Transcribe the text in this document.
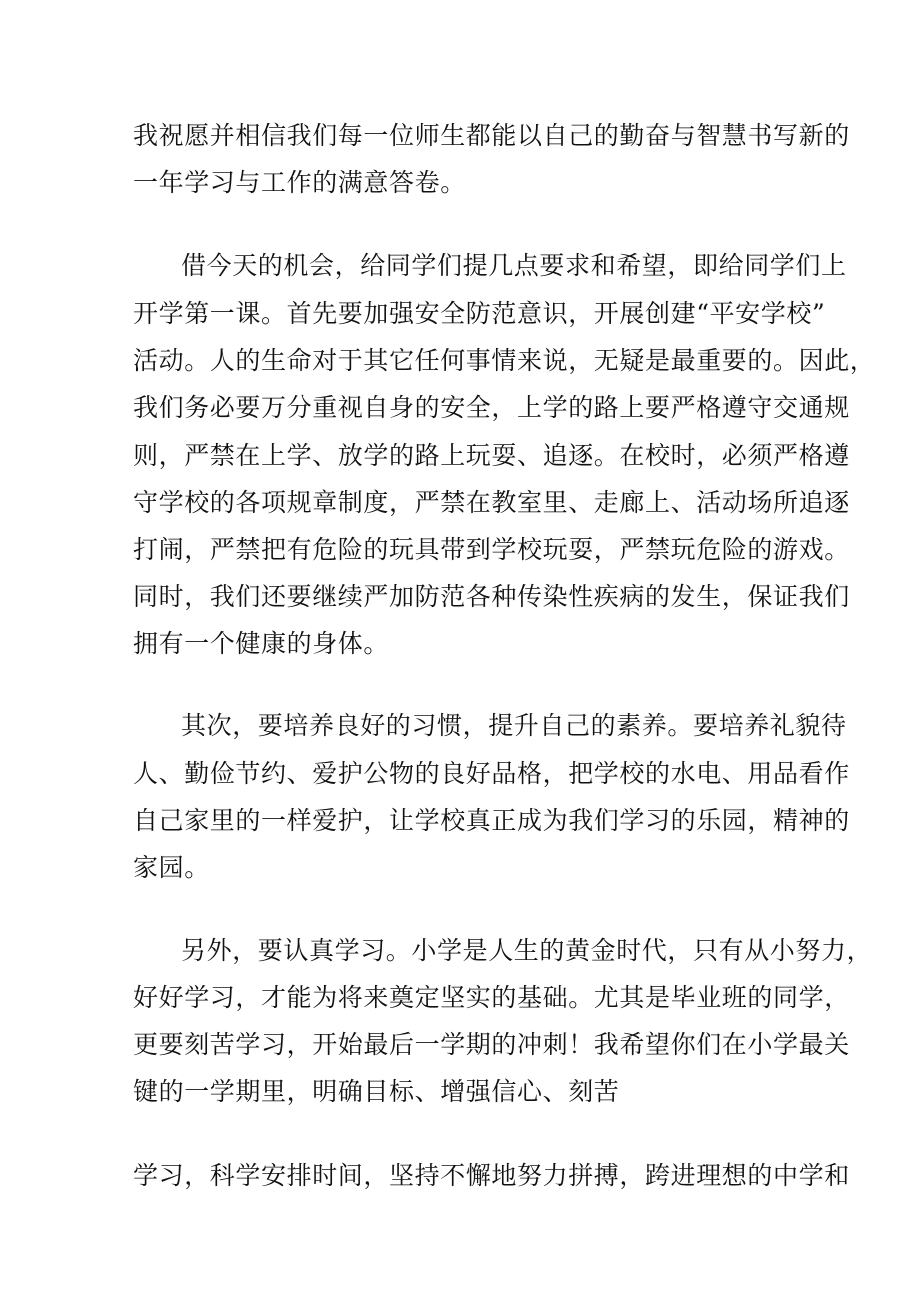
我祝愿并相信我们每一位师生都能以自己的勤奋与智慧书写新的
一年学习与工作的满意答卷。
借今天的机会，给同学们提几点要求和希望，即给同学们上
开学第一课。首先要加强安全防范意识，开展创建“平安学校”
活动。人的生命对于其它任何事情来说，无疑是最重要的。因此，
我们务必要万分重视自身的安全，上学的路上要严格遵守交通规
则，严禁在上学、放学的路上玩耍、追逐。在校时，必须严格遵
守学校的各项规章制度，严禁在教室里、走廊上、活动场所追逐
打闹，严禁把有危险的玩具带到学校玩耍，严禁玩危险的游戏。
同时，我们还要继续严加防范各种传染性疾病的发生，保证我们
拥有一个健康的身体。
其次，要培养良好的习惯，提升自己的素养。要培养礼貌待
人、勤俭节约、爱护公物的良好品格，把学校的水电、用品看作
自己家里的一样爱护，让学校真正成为我们学习的乐园，精神的
家园。
另外，要认真学习。小学是人生的黄金时代，只有从小努力，
好好学习，才能为将来奠定坚实的基础。尤其是毕业班的同学，
更要刻苦学习，开始最后一学期的冲刺！我希望你们在小学最关
键的一学期里，明确目标、增强信心、刻苦
学习，科学安排时间，坚持不懈地努力拼搏，跨进理想的中学和
